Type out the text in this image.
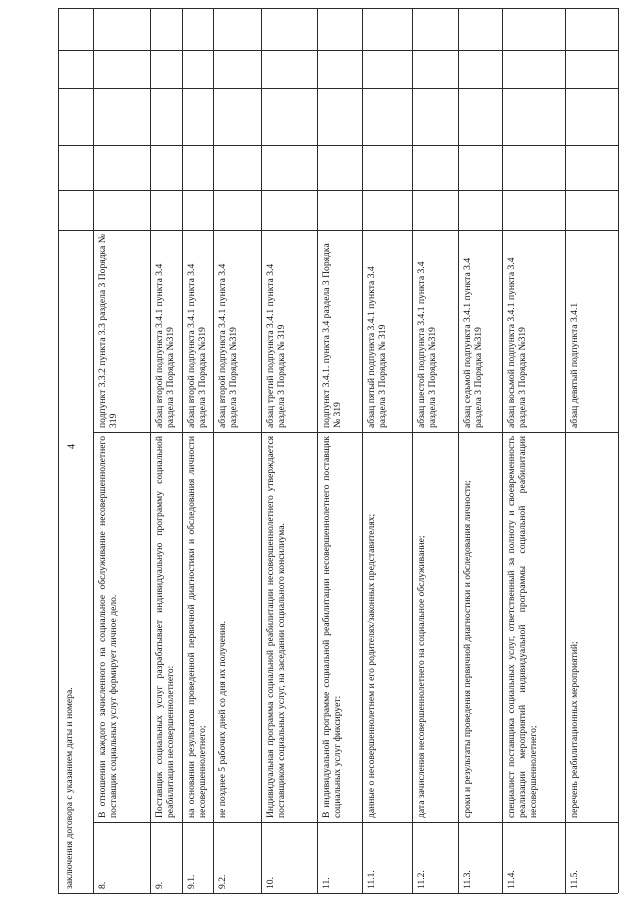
4
заключения договора с указанием даты и номера.	8.
В отношении каждого зачисленного на социальное обслуживание несовершеннолетнего поставщик социальных услуг формирует личное дело.
подпункт 3.3.2 пункта 3.3 раздела 3 Порядка № 319
9.
Поставщик социальных услуг разрабатывает индивидуальную программу социальной реабилитации несовершеннолетнего:
абзац второй подпункта 3.4.1 пункта 3.4 раздела 3 Порядка №319
9.1.
на основании результатов проведенной первичной диагностики и обследования личности несовершеннолетнего;
абзац второй подпункта 3.4.1 пункта 3.4 раздела 3 Порядка №319
9.2.
не позднее 5 рабочих дней со дня их получения.
абзац второй подпункта 3.4.1 пункта 3.4 раздела 3 Порядка №319
10.
Индивидуальная программа социальной реабилитации несовершеннолетнего утверждается поставщиком социальных услуг, на заседании социального консилиума.
абзац третий подпункта 3.4.1 пункта 3.4 раздела 3 Порядка № 319
11.
В индивидуальной программе социальной реабилитации несовершеннолетнего поставщик социальных услуг фиксирует:
подпункт 3.4.1. пункта 3.4 раздела 3 Порядка № 319
11.1.
данные о несовершеннолетнем и его родителях/законных представителях;
абзац пятый подпункта 3.4.1 пункта 3.4 раздела 3 Порядка № 319
11.2.
дата зачисления несовершеннолетнего на социальное обслуживание;
абзац шестой подпункта 3.4.1 пункта 3.4 раздела 3 Порядка №319
11.3.
сроки и результаты проведения первичной диагностики и обследования личности;
абзац седьмой подпункта 3.4.1 пункта 3.4 раздела 3 Порядка №319
11.4.
специалист поставщика социальных услуг, ответственный за полноту и своевременность реализации мероприятий индивидуальной программы социальной реабилитации несовершеннолетнего;
абзац восьмой подпункта 3.4.1 пункта 3.4 раздела 3 Порядка №319
11.5.
перечень реабилитационных мероприятий;
абзац девятый подпункта 3.4.1
